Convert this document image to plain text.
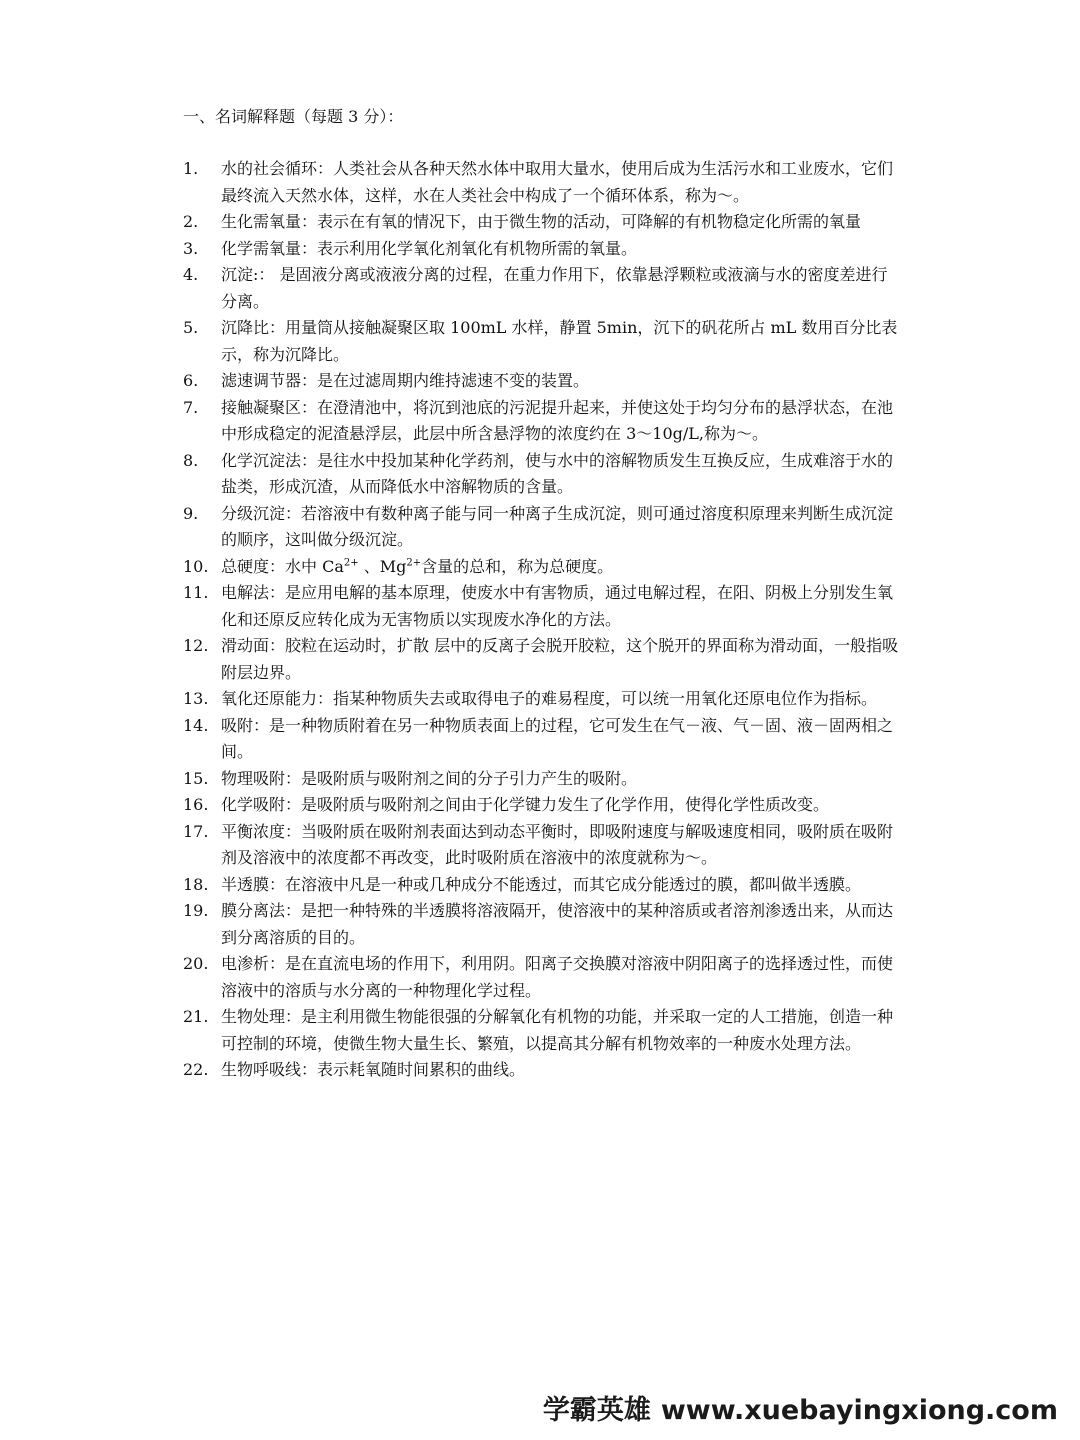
一、名词解释题（每题 3 分）：
1.	水的社会循环：人类社会从各种天然水体中取用大量水，使用后成为生活污水和工业废水，它们最终流入天然水体，这样，水在人类社会中构成了一个循环体系，称为～。
2.	生化需氧量：表示在有氧的情况下，由于微生物的活动，可降解的有机物稳定化所需的氧量
3.	化学需氧量：表示利用化学氧化剂氧化有机物所需的氧量。
4.	沉淀:： 是固液分离或液液分离的过程，在重力作用下，依靠悬浮颗粒或液滴与水的密度差进行分离。
5.	沉降比：用量筒从接触凝聚区取 100mL 水样，静置 5min，沉下的矾花所占 mL 数用百分比表示，称为沉降比。
6.	滤速调节器：是在过滤周期内维持滤速不变的装置。
7.	接触凝聚区：在澄清池中，将沉到池底的污泥提升起来，并使这处于均匀分布的悬浮状态，在池中形成稳定的泥渣悬浮层，此层中所含悬浮物的浓度约在 3～10g/L,称为～。
8.	化学沉淀法：是往水中投加某种化学药剂，使与水中的溶解物质发生互换反应，生成难溶于水的盐类，形成沉渣，从而降低水中溶解物质的含量。
9.	分级沉淀：若溶液中有数种离子能与同一种离子生成沉淀，则可通过溶度积原理来判断生成沉淀的顺序，这叫做分级沉淀。
10. 总硬度：水中 $Ca^{2+}$ 、$Mg^{2+}$含量的总和，称为总硬度。
11. 电解法：是应用电解的基本原理，使废水中有害物质，通过电解过程，在阳、阴极上分别发生氧化和还原反应转化成为无害物质以实现废水净化的方法。
12. 滑动面：胶粒在运动时，扩散 层中的反离子会脱开胶粒，这个脱开的界面称为滑动面，一般指吸附层边界。
13. 氧化还原能力：指某种物质失去或取得电子的难易程度，可以统一用氧化还原电位作为指标。
14. 吸附：是一种物质附着在另一种物质表面上的过程，它可发生在气－液、气－固、液－固两相之间。
15. 物理吸附：是吸附质与吸附剂之间的分子引力产生的吸附。
16. 化学吸附：是吸附质与吸附剂之间由于化学键力发生了化学作用，使得化学性质改变。
17. 平衡浓度：当吸附质在吸附剂表面达到动态平衡时，即吸附速度与解吸速度相同，吸附质在吸附剂及溶液中的浓度都不再改变，此时吸附质在溶液中的浓度就称为～。
18. 半透膜：在溶液中凡是一种或几种成分不能透过，而其它成分能透过的膜，都叫做半透膜。
19. 膜分离法：是把一种特殊的半透膜将溶液隔开，使溶液中的某种溶质或者溶剂渗透出来，从而达到分离溶质的目的。
20. 电渗析：是在直流电场的作用下，利用阴。阳离子交换膜对溶液中阴阳离子的选择透过性，而使溶液中的溶质与水分离的一种物理化学过程。
21. 生物处理：是主利用微生物能很强的分解氧化有机物的功能，并采取一定的人工措施，创造一种可控制的环境，使微生物大量生长、繁殖，以提高其分解有机物效率的一种废水处理方法。
22. 生物呼吸线：表示耗氧随时间累积的曲线。
学霸英雄 www.xuebayingxiong.com
